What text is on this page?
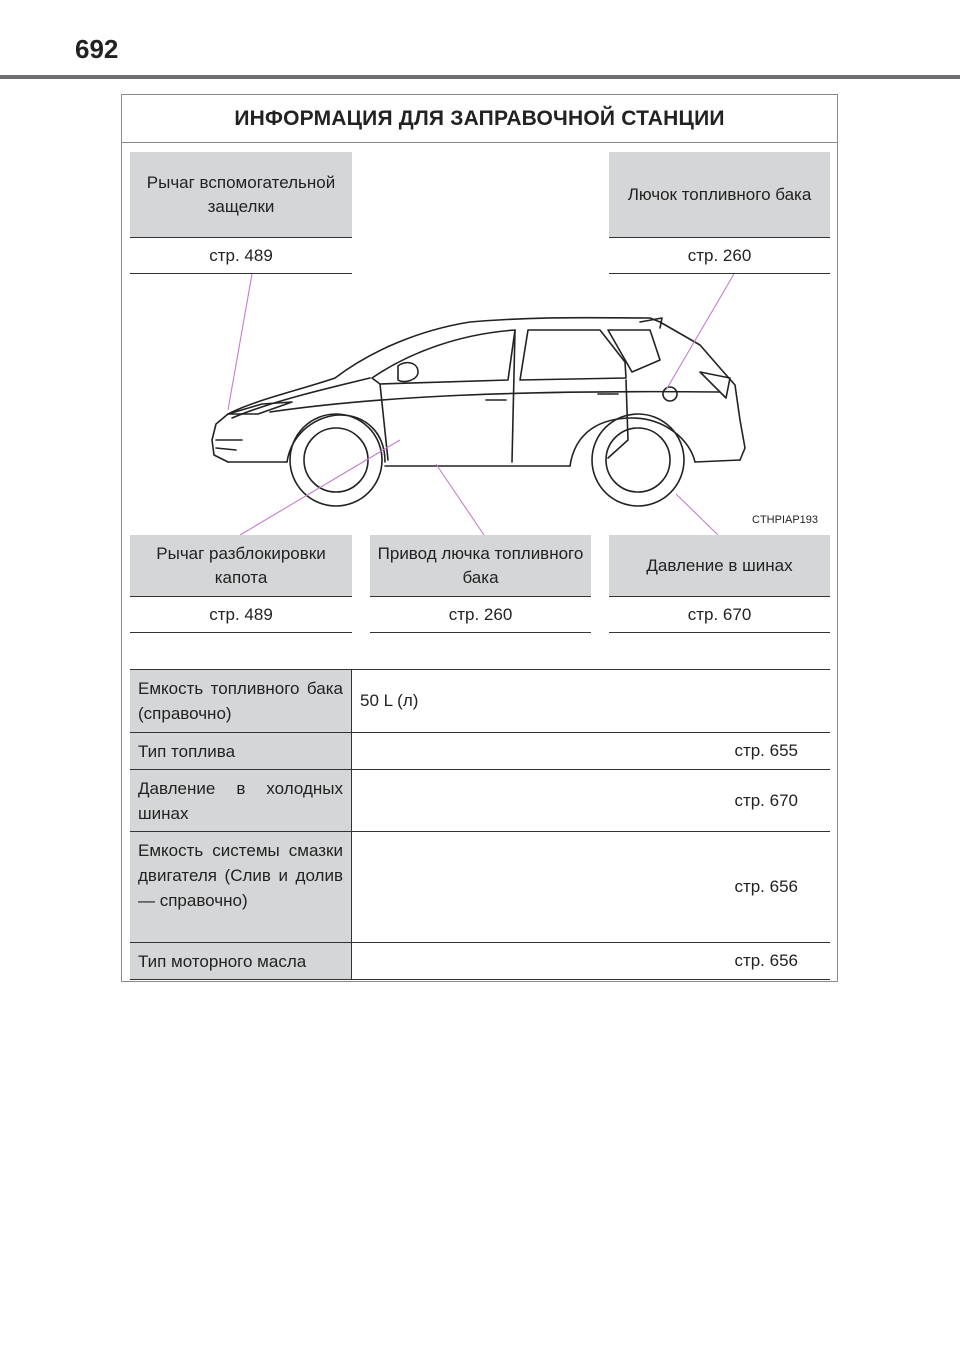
692
ИНФОРМАЦИЯ ДЛЯ ЗАПРАВОЧНОЙ СТАНЦИИ
Рычаг вспомогательной защелки
стр. 489
Лючок топливного бака
стр. 260
CTHPIAP193
Рычаг разблокировки капота
стр. 489
Привод лючка топливного бака
стр. 260
Давление в шинах
стр. 670
Емкость топливного бака (справочно)
50 L (л)
Тип топлива	стр. 655
Давление в холодных шинах
стр. 670
Емкость системы смазки двигателя (Слив и долив — справочно)
стр. 656
Тип моторного масла	стр. 656
